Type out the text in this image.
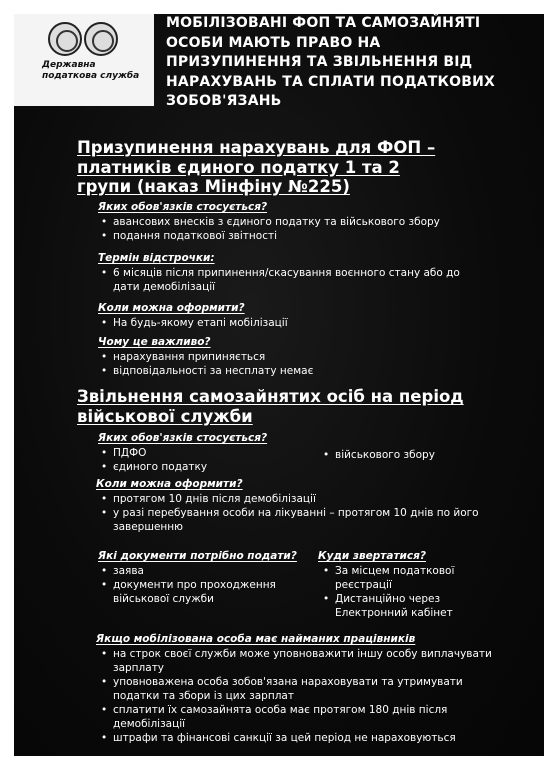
Державна податкова служба
МОБІЛІЗОВАНІ ФОП ТА САМОЗАЙНЯТІ ОСОБИ МАЮТЬ ПРАВО НА ПРИЗУПИНЕННЯ ТА ЗВІЛЬНЕННЯ ВІД НАРАХУВАНЬ ТА СПЛАТИ ПОДАТКОВИХ ЗОБОВ'ЯЗАНЬ
Призупинення нарахувань для ФОП – платників єдиного податку 1 та 2 групи (наказ Мінфіну №225)
Яких обов'язків стосується?
• авансових внесків з єдиного податку та військового збору
• подання податкової звітності
Термін відстрочки:
• 6 місяців після припинення/скасування воєнного стану або до дати демобілізації
Коли можна оформити?
• На будь-якому етапі мобілізації
Чому це важливо?
• нарахування припиняється
• відповідальності за несплату немає
Звільнення самозайнятих осіб на період військової служби
Яких обов'язків стосується?
• ПДФО
• єдиного податку
• військового збору
Коли можна оформити?
• протягом 10 днів після демобілізації
• у разі перебування особи на лікуванні – протягом 10 днів по його завершенню
Які документи потрібно подати?
• заява
• документи про проходження військової служби
Куди звертатися?
• За місцем податкової реєстрації
• Дистанційно через Електронний кабінет
Якщо мобілізована особа має найманих працівників
• на строк своєї служби може уповноважити іншу особу виплачувати зарплату
• уповноважена особа зобов'язана нараховувати та утримувати податки та збори із цих зарплат
• сплатити їх самозайнята особа має протягом 180 днів після демобілізації
• штрафи та фінансові санкції за цей період не нараховуються
